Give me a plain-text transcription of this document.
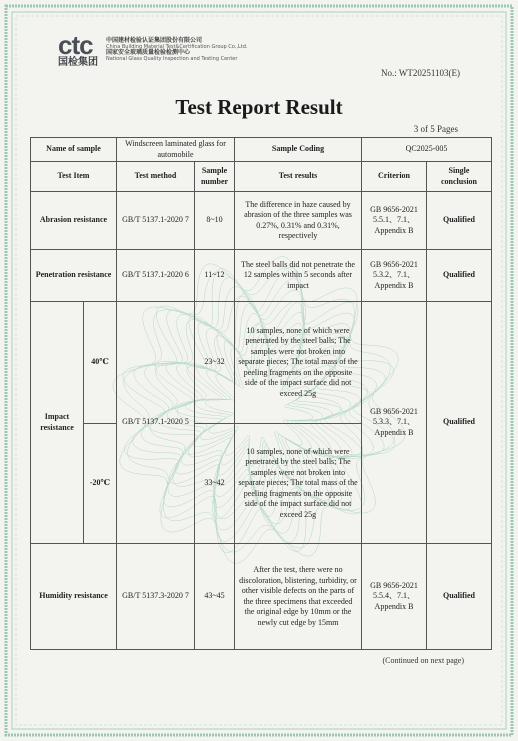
ctc
国检集团
中国建材检验认证集团股份有限公司
China Building Material Test&Certification Group Co.,Ltd.
国家安全玻璃质量检验检测中心
National Glass Quality Inspection and Testing Center
No.: WT20251103(E)
Test Report Result
3 of 5 Pages
Name of sample		Windscreen laminated glass for automobile		Sample Coding	QC2025-005	
Test Item		Test method	Sample number	Test results	Criterion	Single conclusion
Abrasion resistance		GB/T 5137.1-2020 7	8~10	The difference in haze caused by abrasion of the three samples was 0.27%, 0.31% and 0.31%, respectively	GB 9656-2021 5.5.1、7.1、Appendix B	Qualified
Penetration resistance		GB/T 5137.1-2020 6	11~12	The steel balls did not penetrate the 12 samples within 5 seconds after impact	GB 9656-2021 5.3.2、7.1、Appendix B	Qualified
Impact resistance	40℃	GB/T 5137.1-2020 5	23~32	10 samples, none of which were penetrated by the steel balls; The samples were not broken into separate pieces; The total mass of the peeling fragments on the opposite side of the impact surface did not exceed 25g	GB 9656-2021 5.3.3、7.1、Appendix B	Qualified
	-20℃		33~42	10 samples, none of which were penetrated by the steel balls; The samples were not broken into separate pieces; The total mass of the peeling fragments on the opposite side of the impact surface did not exceed 25g		
Humidity resistance		GB/T 5137.3-2020 7	43~45	After the test, there were no discoloration, blistering, turbidity, or other visible defects on the parts of the three specimens that exceeded the original edge by 10mm or the newly cut edge by 15mm	GB 9656-2021 5.5.4、7.1、Appendix B	Qualified
(Continued on next page)
